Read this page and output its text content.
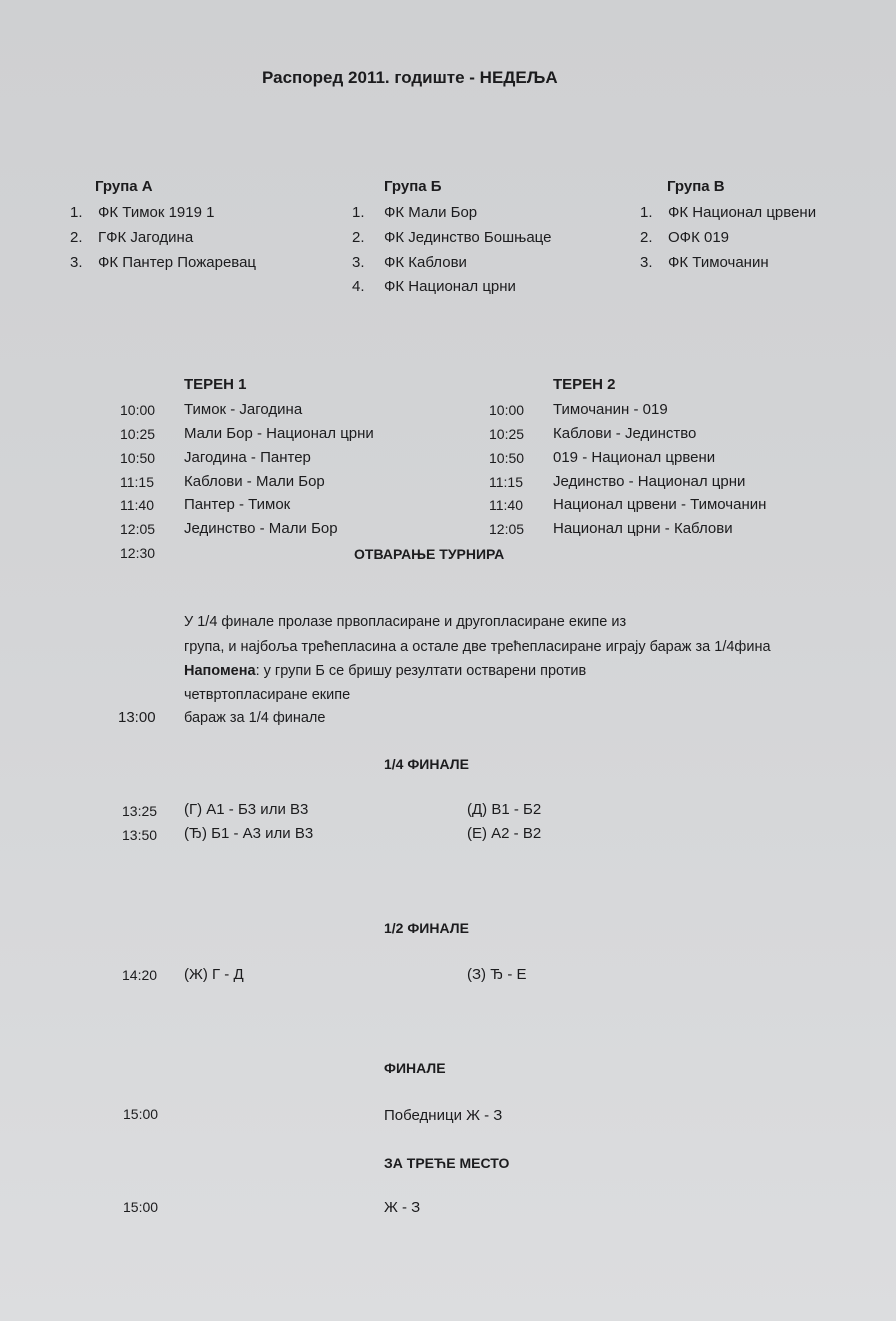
Распоред 2011. годиште - НЕДЕЉА
Група А
1. ФК Тимок 1919 1
2. ГФК Јагодина
3. ФК Пантер Пожаревац
Група Б
1. ФК Мали Бор
2. ФК Јединство Бошњаце
3. ФК Каблови
4. ФК Национал црни
Група В
1. ФК Национал црвени
2. ОФК 019
3. ФК Тимочанин
ТЕРЕН 1
10:00 Тимок - Јагодина
10:25 Мали Бор - Национал црни
10:50 Јагодина - Пантер
11:15 Каблови - Мали Бор
11:40 Пантер - Тимок
12:05 Јединство - Мали Бор
ТЕРЕН 2
10:00 Тимочанин - 019
10:25 Каблови - Јединство
10:50 019 - Национал црвени
11:15 Јединство - Национал црни
11:40 Национал црвени - Тимочанин
12:05 Национал црни - Каблови
12:30	ОТВАРАЊЕ ТУРНИРА
У 1/4 финале пролазе првопласиране и другопласиране екипе из
група, и најбоља трећепласина а остале две трећепласиране играју бараж за 1/4фина
Напомена: у групи Б се бришу резултати остварени против
четвртопласиране екипе
13:00 бараж за 1/4 финале
1/4 ФИНАЛЕ
13:25 (Г) А1 - Б3 или В3	(Д) В1 - Б2
13:50 (Ђ) Б1 - А3 или В3	(Е) А2 - В2
1/2 ФИНАЛЕ
14:20 (Ж) Г - Д	(З) Ђ - Е
ФИНАЛЕ
15:00	Победници Ж - З
ЗА ТРЕЋЕ МЕСТО
15:00	Ж - З
